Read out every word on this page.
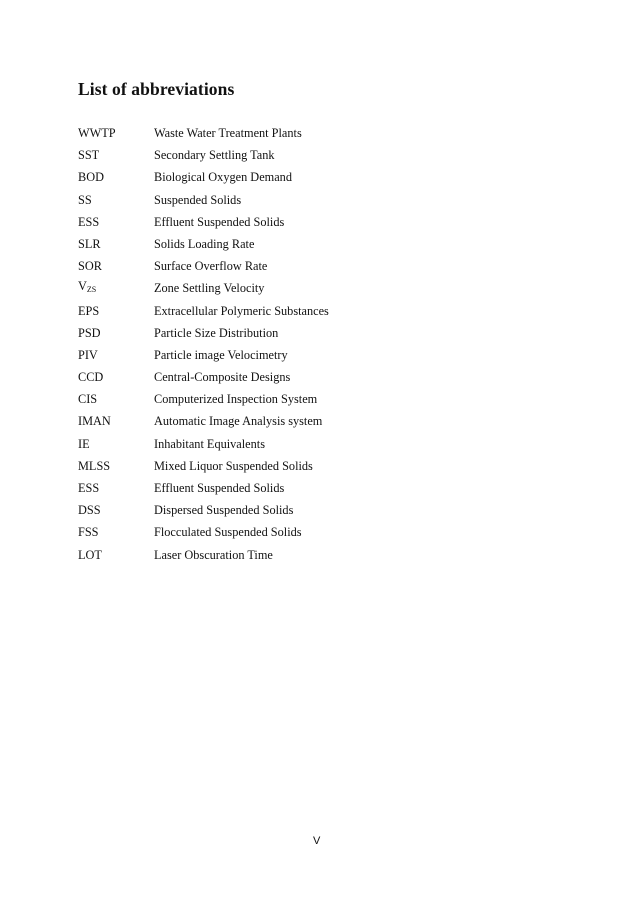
List of abbreviations
WWTP	Waste Water Treatment Plants
SST	Secondary Settling Tank
BOD	Biological Oxygen Demand
SS	Suspended Solids
ESS	Effluent Suspended Solids
SLR	Solids Loading Rate
SOR	Surface Overflow Rate
$V_{ZS}$	Zone Settling Velocity
EPS	Extracellular Polymeric Substances
PSD	Particle Size Distribution
PIV	Particle image Velocimetry
CCD	Central-Composite Designs
CIS	Computerized Inspection System
IMAN	Automatic Image Analysis system
IE	Inhabitant Equivalents
MLSS	Mixed Liquor Suspended Solids
ESS	Effluent Suspended Solids
DSS	Dispersed Suspended Solids
FSS	Flocculated Suspended Solids
LOT	Laser Obscuration Time
V
